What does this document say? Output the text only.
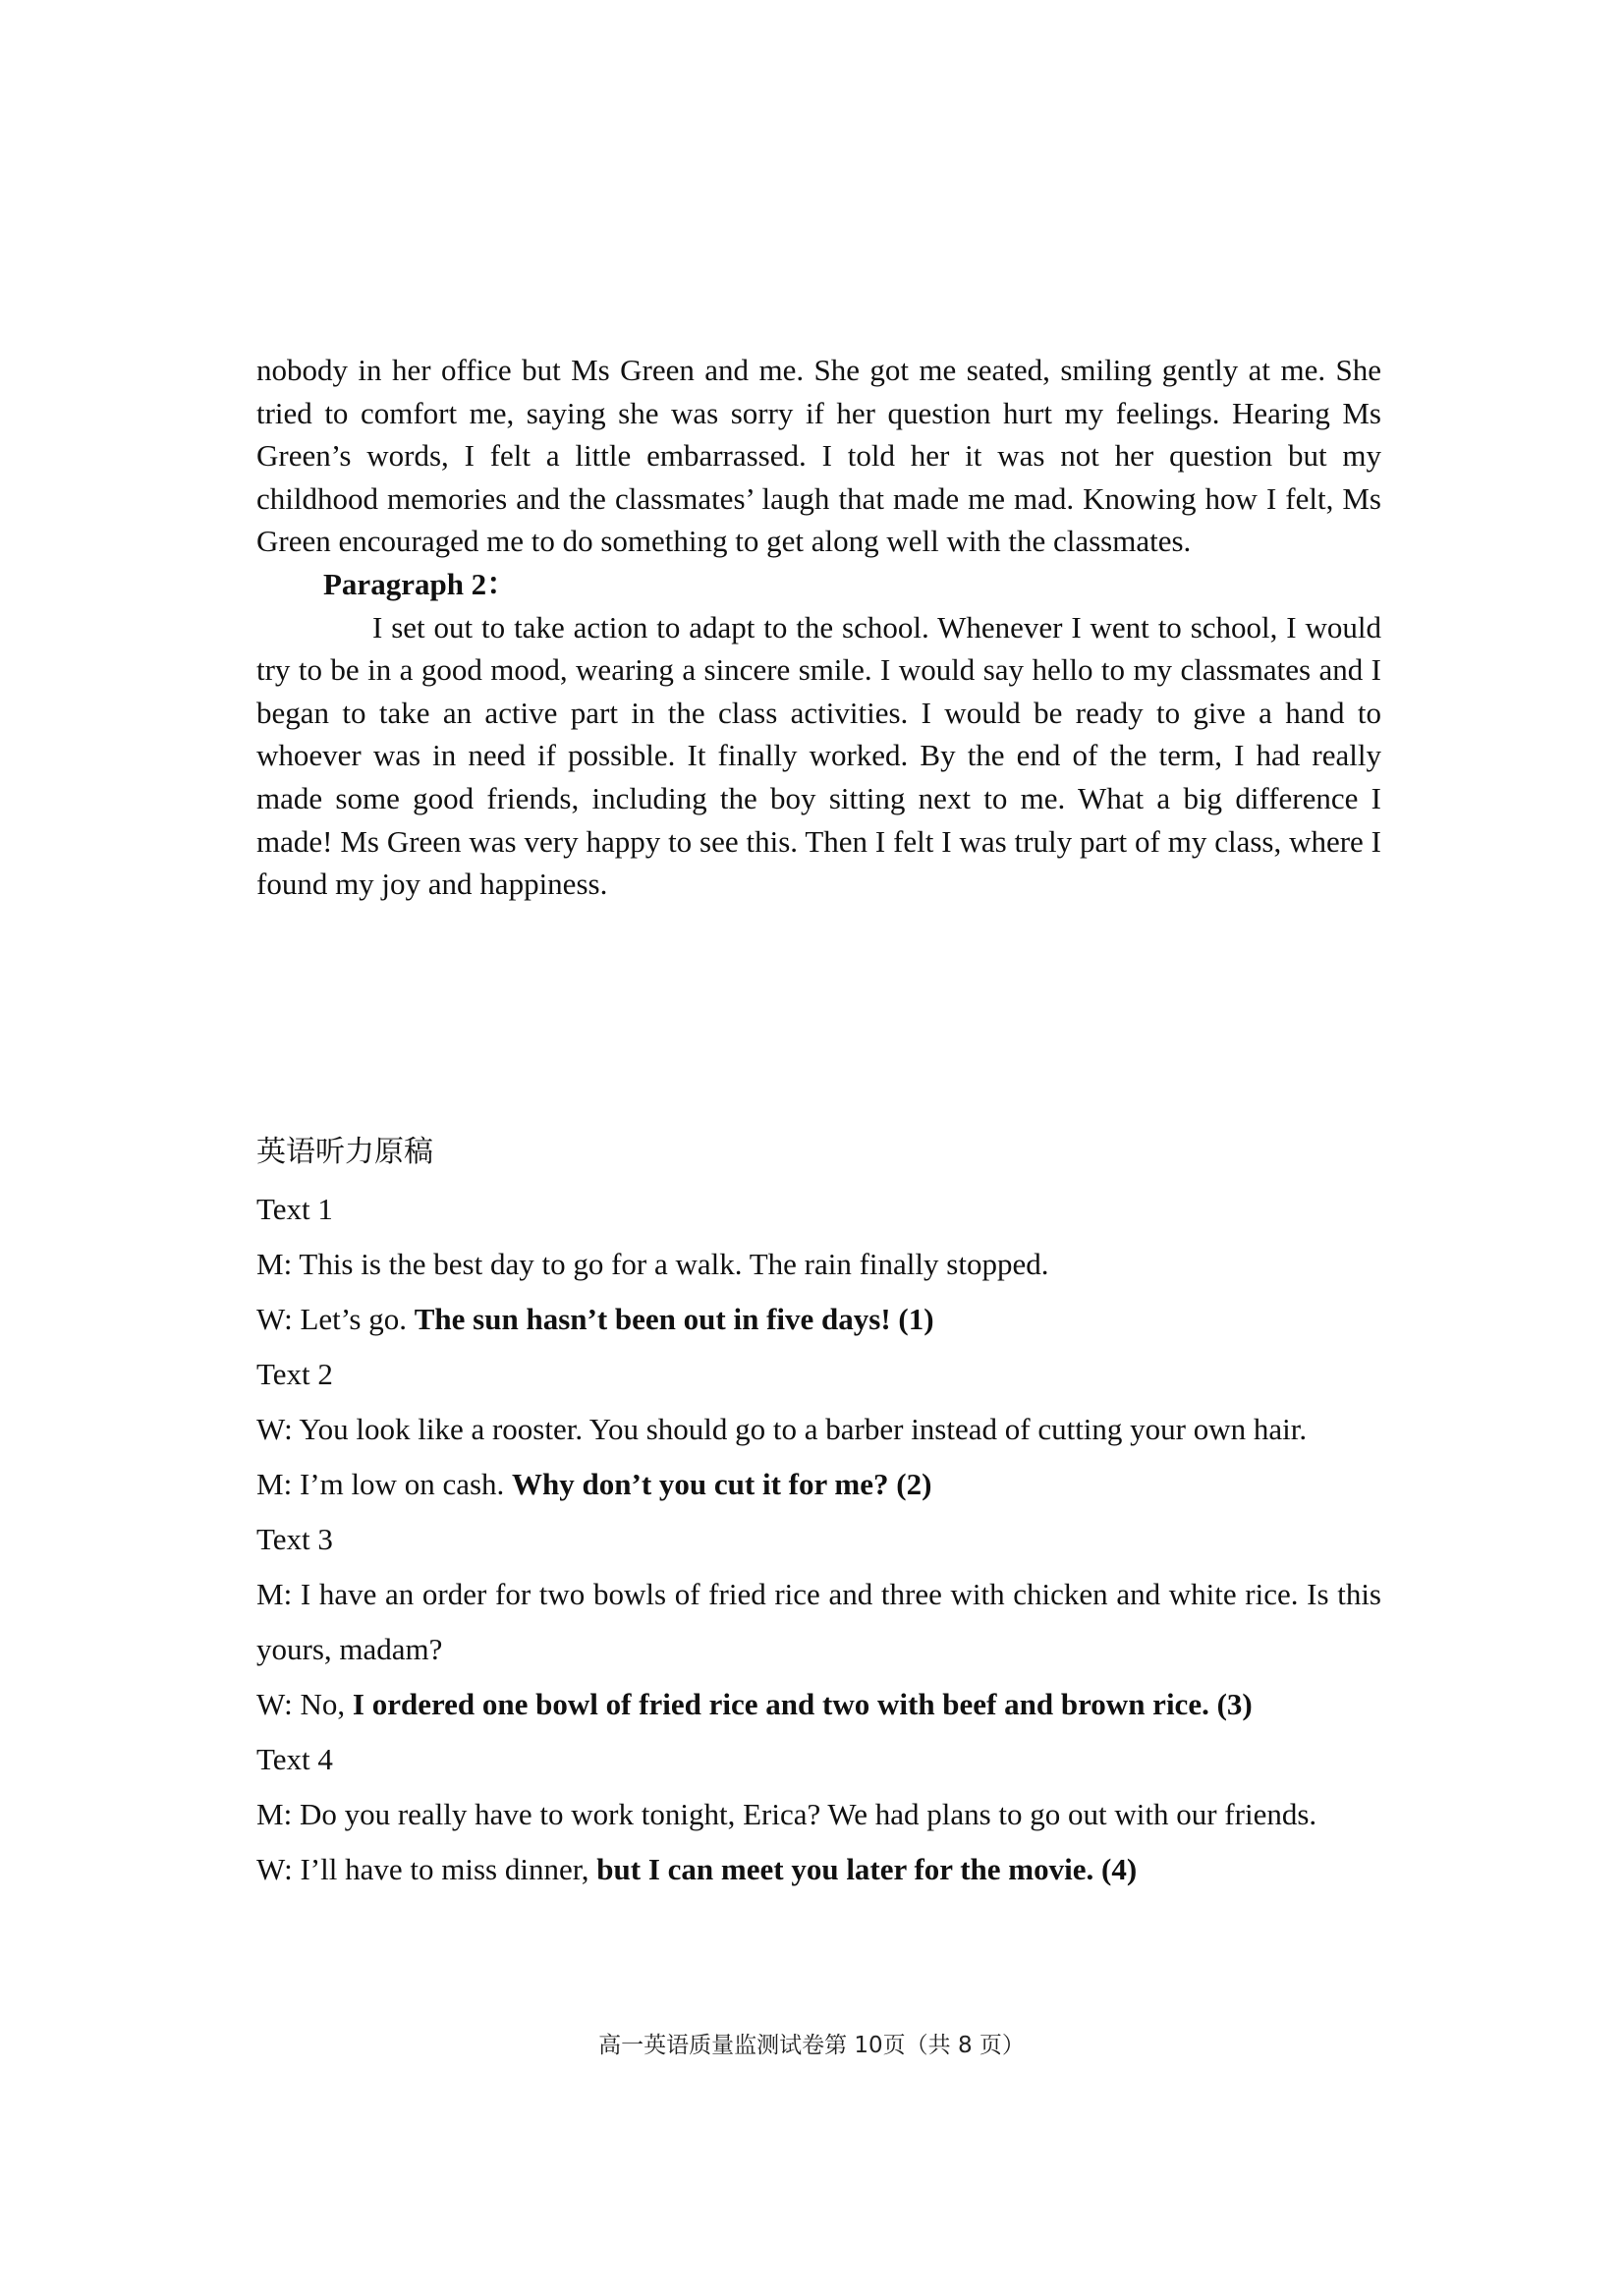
nobody in her office but Ms Green and me. She got me seated, smiling gently at me. She tried to comfort me, saying she was sorry if her question hurt my feelings. Hearing Ms Green’s words, I felt a little embarrassed. I told her it was not her question but my childhood memories and the classmates’ laugh that made me mad. Knowing how I felt, Ms Green encouraged me to do something to get along well with the classmates.

Paragraph 2：

I set out to take action to adapt to the school. Whenever I went to school, I would try to be in a good mood, wearing a sincere smile. I would say hello to my classmates and I began to take an active part in the class activities. I would be ready to give a hand to whoever was in need if possible. It finally worked. By the end of the term, I had really made some good friends, including the boy sitting next to me. What a big difference I made! Ms Green was very happy to see this. Then I felt I was truly part of my class, where I found my joy and happiness.

英语听力原稿

Text 1

M: This is the best day to go for a walk. The rain finally stopped.

W: Let’s go. The sun hasn’t been out in five days! (1)

Text 2

W: You look like a rooster. You should go to a barber instead of cutting your own hair.

M: I’m low on cash. Why don’t you cut it for me? (2)

Text 3

M: I have an order for two bowls of fried rice and three with chicken and white rice. Is this yours, madam?

W: No, I ordered one bowl of fried rice and two with beef and brown rice. (3)

Text 4

M: Do you really have to work tonight, Erica? We had plans to go out with our friends.

W: I’ll have to miss dinner, but I can meet you later for the movie. (4)

高一英语质量监测试卷第 10页（共 8 页）
